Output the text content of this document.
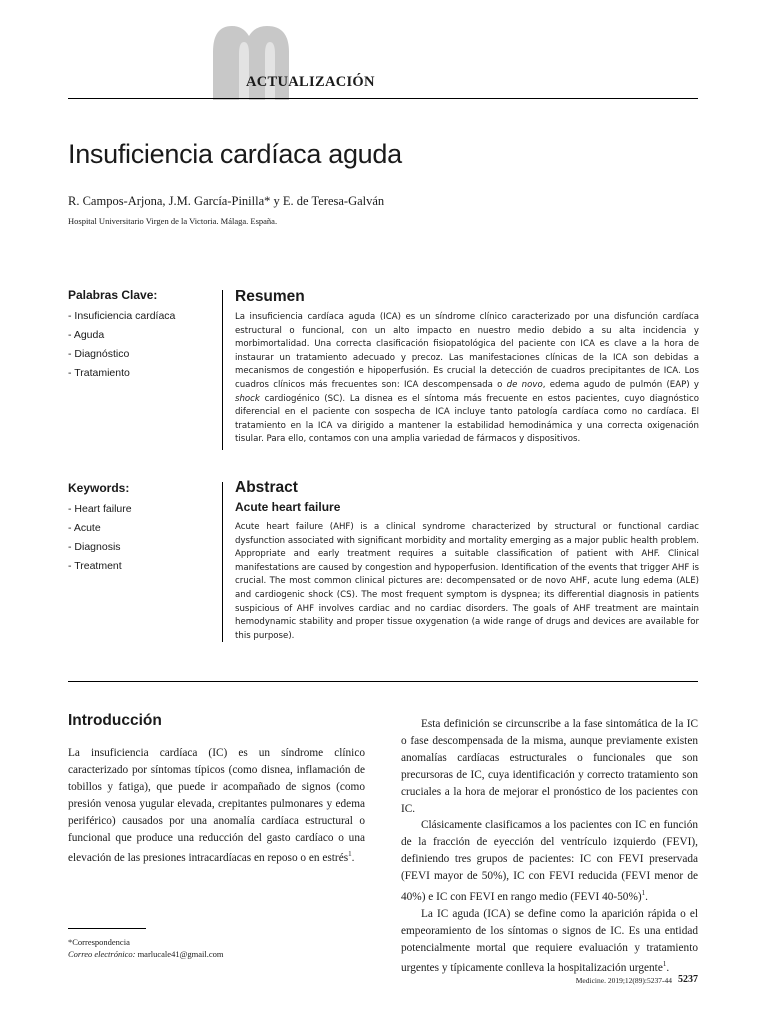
ACTUALIZACIÓN
Insuficiencia cardíaca aguda
R. Campos-Arjona, J.M. García-Pinilla* y E. de Teresa-Galván
Hospital Universitario Virgen de la Victoria. Málaga. España.
Palabras Clave:
- Insuficiencia cardíaca
- Aguda
- Diagnóstico
- Tratamiento
Resumen

La insuficiencia cardíaca aguda (ICA) es un síndrome clínico caracterizado por una disfunción cardíaca estructural o funcional, con un alto impacto en nuestro medio debido a su alta incidencia y morbimortalidad. Una correcta clasificación fisiopatológica del paciente con ICA es clave a la hora de instaurar un tratamiento adecuado y precoz. Las manifestaciones clínicas de la ICA son debidas a mecanismos de congestión e hipoperfusión. Es crucial la detección de cuadros precipitantes de ICA. Los cuadros clínicos más frecuentes son: ICA descompensada o de novo, edema agudo de pulmón (EAP) y shock cardiogénico (SC). La disnea es el síntoma más frecuente en estos pacientes, cuyo diagnóstico diferencial en el paciente con sospecha de ICA incluye tanto patología cardíaca como no cardíaca. El tratamiento en la ICA va dirigido a mantener la estabilidad hemodinámica y una correcta oxigenación tisular. Para ello, contamos con una amplia variedad de fármacos y dispositivos.

Keywords:
- Heart failure
- Acute
- Diagnosis
- Treatment
Abstract
Acute heart failure

Acute heart failure (AHF) is a clinical syndrome characterized by structural or functional cardiac dysfunction associated with significant morbidity and mortality emerging as a major public health problem. Appropriate and early treatment requires a suitable classification of patient with AHF. Clinical manifestations are caused by congestion and hypoperfusion. Identification of the events that trigger AHF is crucial. The most common clinical pictures are: decompensated or de novo AHF, acute lung edema (ALE) and cardiogenic shock (CS). The most frequent symptom is dyspnea; its differential diagnosis in patients suspicious of AHF involves cardiac and no cardiac disorders. The goals of AHF treatment are maintain hemodynamic stability and proper tissue oxygenation (a wide range of drugs and devices are available for this purpose).

Introducción

La insuficiencia cardíaca (IC) es un síndrome clínico caracterizado por síntomas típicos (como disnea, inflamación de tobillos y fatiga), que puede ir acompañado de signos (como presión venosa yugular elevada, crepitantes pulmonares y edema periférico) causados por una anomalía cardíaca estructural o funcional que produce una reducción del gasto cardíaco o una elevación de las presiones intracardíacas en reposo o en estrés$^1$.

Esta definición se circunscribe a la fase sintomática de la IC o fase descompensada de la misma, aunque previamente existen anomalías cardíacas estructurales o funcionales que son precursoras de IC, cuya identificación y correcto tratamiento son cruciales a la hora de mejorar el pronóstico de los pacientes con IC.

Clásicamente clasificamos a los pacientes con IC en función de la fracción de eyección del ventrículo izquierdo (FEVI), definiendo tres grupos de pacientes: IC con FEVI preservada (FEVI mayor de 50%), IC con FEVI reducida (FEVI menor de 40%) e IC con FEVI en rango medio (FEVI 40-50%)$^1$.

La IC aguda (ICA) se define como la aparición rápida o el empeoramiento de los síntomas o signos de IC. Es una entidad potencialmente mortal que requiere evaluación y tratamiento urgentes y típicamente conlleva la hospitalización urgente$^1$.

*Correspondencia
Correo electrónico: marlucale41@gmail.com
Medicine. 2019;12(89):5237-44 5237
